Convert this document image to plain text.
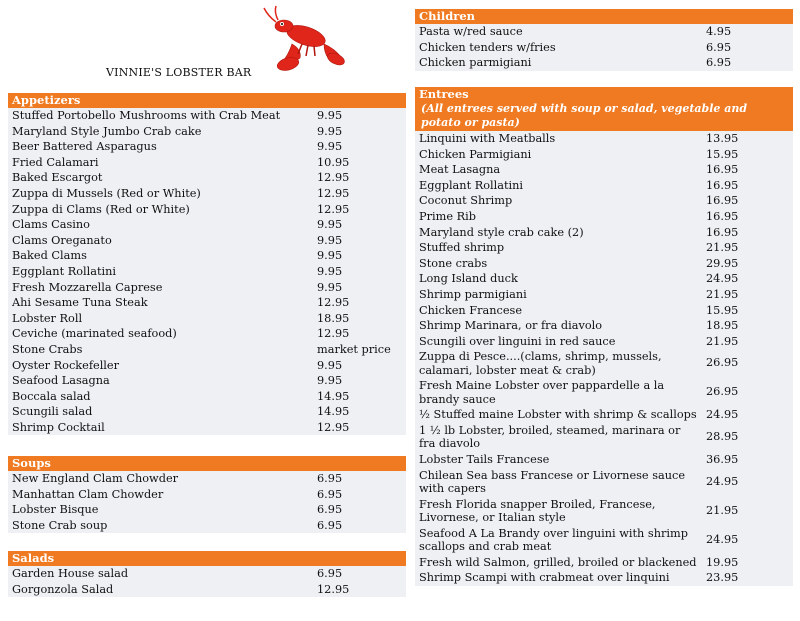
VINNIE'S LOBSTER BAR
Appetizers
Stuffed Portobello Mushrooms with Crab Meat	9.95
Maryland Style Jumbo Crab cake	9.95
Beer Battered Asparagus	9.95
Fried Calamari	10.95
Baked Escargot	12.95
Zuppa di Mussels (Red or White)	12.95
Zuppa di Clams (Red or White)	12.95
Clams Casino	9.95
Clams Oreganato	9.95
Baked Clams	9.95
Eggplant Rollatini	9.95
Fresh Mozzarella Caprese	9.95
Ahi Sesame Tuna Steak	12.95
Lobster Roll	18.95
Ceviche (marinated seafood)	12.95
Stone Crabs	market price
Oyster Rockefeller	9.95
Seafood Lasagna	9.95
Boccala salad	14.95
Scungili salad	14.95
Shrimp Cocktail	12.95
Soups
New England Clam Chowder	6.95
Manhattan Clam Chowder	6.95
Lobster Bisque	6.95
Stone Crab soup	6.95
Salads
Garden House salad	6.95
Gorgonzola Salad	12.95
Children
Pasta w/red sauce	4.95
Chicken tenders w/fries	6.95
Chicken parmigiani	6.95
Entrees
(All entrees served with soup or salad, vegetable and potato or pasta)
Linquini with Meatballs	13.95
Chicken Parmigiani	15.95
Meat Lasagna	16.95
Eggplant Rollatini	16.95
Coconut Shrimp	16.95
Prime Rib	16.95
Maryland style crab cake (2)	16.95
Stuffed shrimp	21.95
Stone crabs	29.95
Long Island duck	24.95
Shrimp parmigiani	21.95
Chicken Francese	15.95
Shrimp Marinara, or fra diavolo	18.95
Scungili over linguini in red sauce	21.95
Zuppa di Pesce....(clams, shrimp, mussels, calamari, lobster meat & crab)
26.95
Fresh Maine Lobster over pappardelle a la brandy sauce
26.95
½ Stuffed maine Lobster with shrimp & scallops 24.95
1 ½ lb Lobster, broiled, steamed, marinara or fra diavolo
28.95
Lobster Tails Francese	36.95
Chilean Sea bass Francese or Livornese sauce with capers
24.95
Fresh Florida snapper Broiled, Francese, Livornese, or Italian style
21.95
Seafood A La Brandy over linguini with shrimp scallops and crab meat
24.95
Fresh wild Salmon, grilled, broiled or blackened 19.95
Shrimp Scampi with crabmeat over linquini	23.95
